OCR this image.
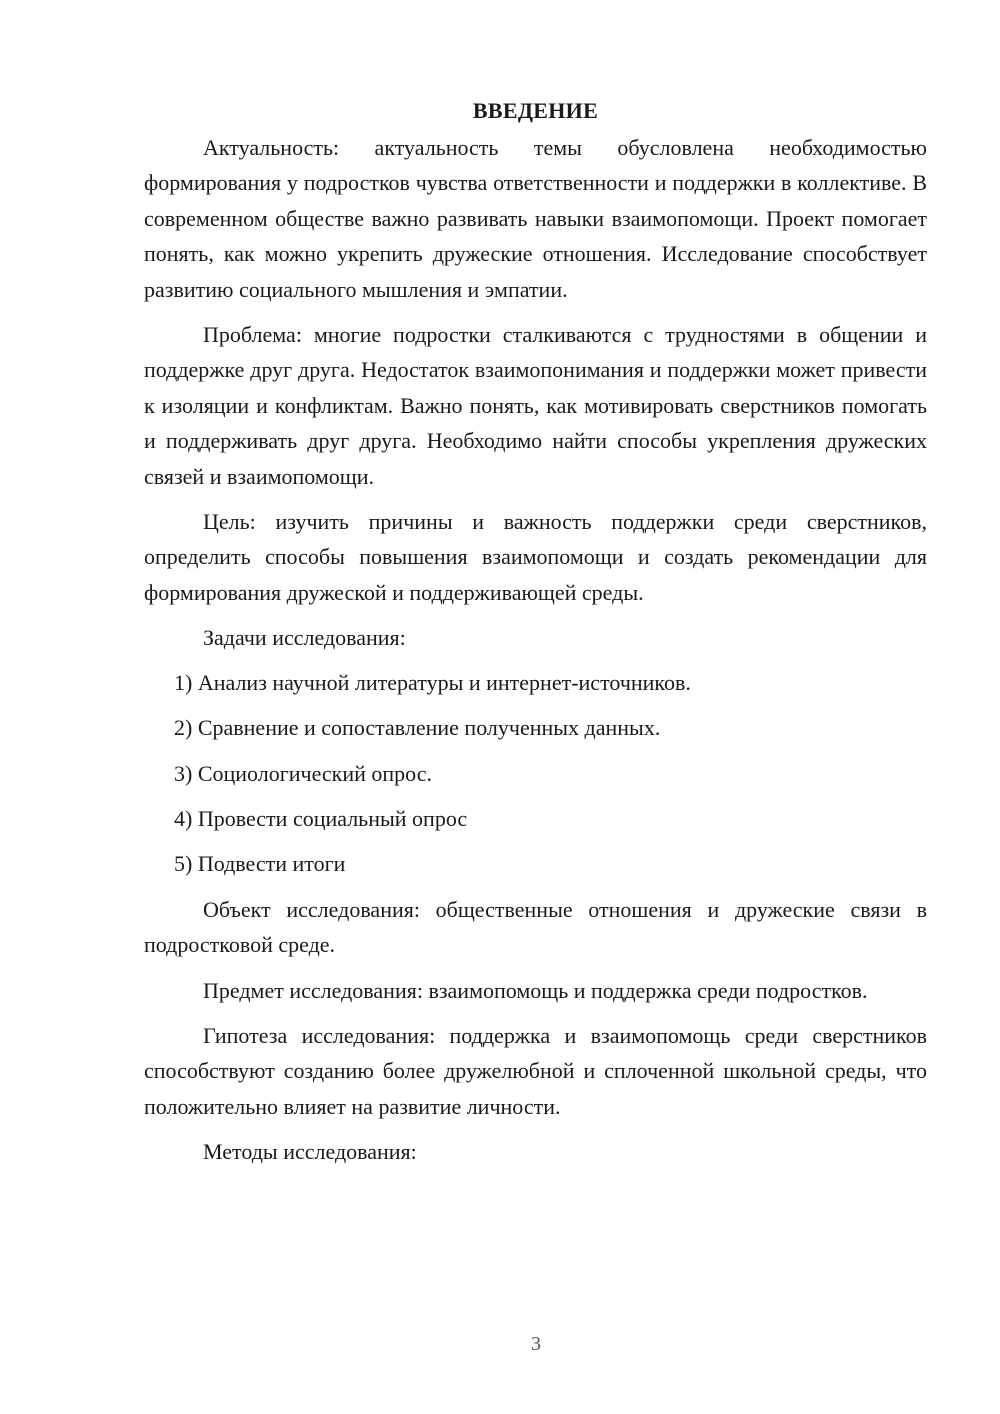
ВВЕДЕНИЕ

Актуальность: актуальность темы обусловлена необходимостью формирования у подростков чувства ответственности и поддержки в коллективе. В современном обществе важно развивать навыки взаимопомощи. Проект помогает понять, как можно укрепить дружеские отношения. Исследование способствует развитию социального мышления и эмпатии.

Проблема: многие подростки сталкиваются с трудностями в общении и поддержке друг друга. Недостаток взаимопонимания и поддержки может привести к изоляции и конфликтам. Важно понять, как мотивировать сверстников помогать и поддерживать друг друга. Необходимо найти способы укрепления дружеских связей и взаимопомощи.

Цель: изучить причины и важность поддержки среди сверстников, определить способы повышения взаимопомощи и создать рекомендации для формирования дружеской и поддерживающей среды.

Задачи исследования:

1) Анализ научной литературы и интернет-источников.
2) Сравнение и сопоставление полученных данных.
3) Социологический опрос.
4) Провести социальный опрос
5) Подвести итоги

Объект исследования: общественные отношения и дружеские связи в подростковой среде.

Предмет исследования: взаимопомощь и поддержка среди подростков.

Гипотеза исследования: поддержка и взаимопомощь среди сверстников способствуют созданию более дружелюбной и сплоченной школьной среды, что положительно влияет на развитие личности.

Методы исследования:

3
